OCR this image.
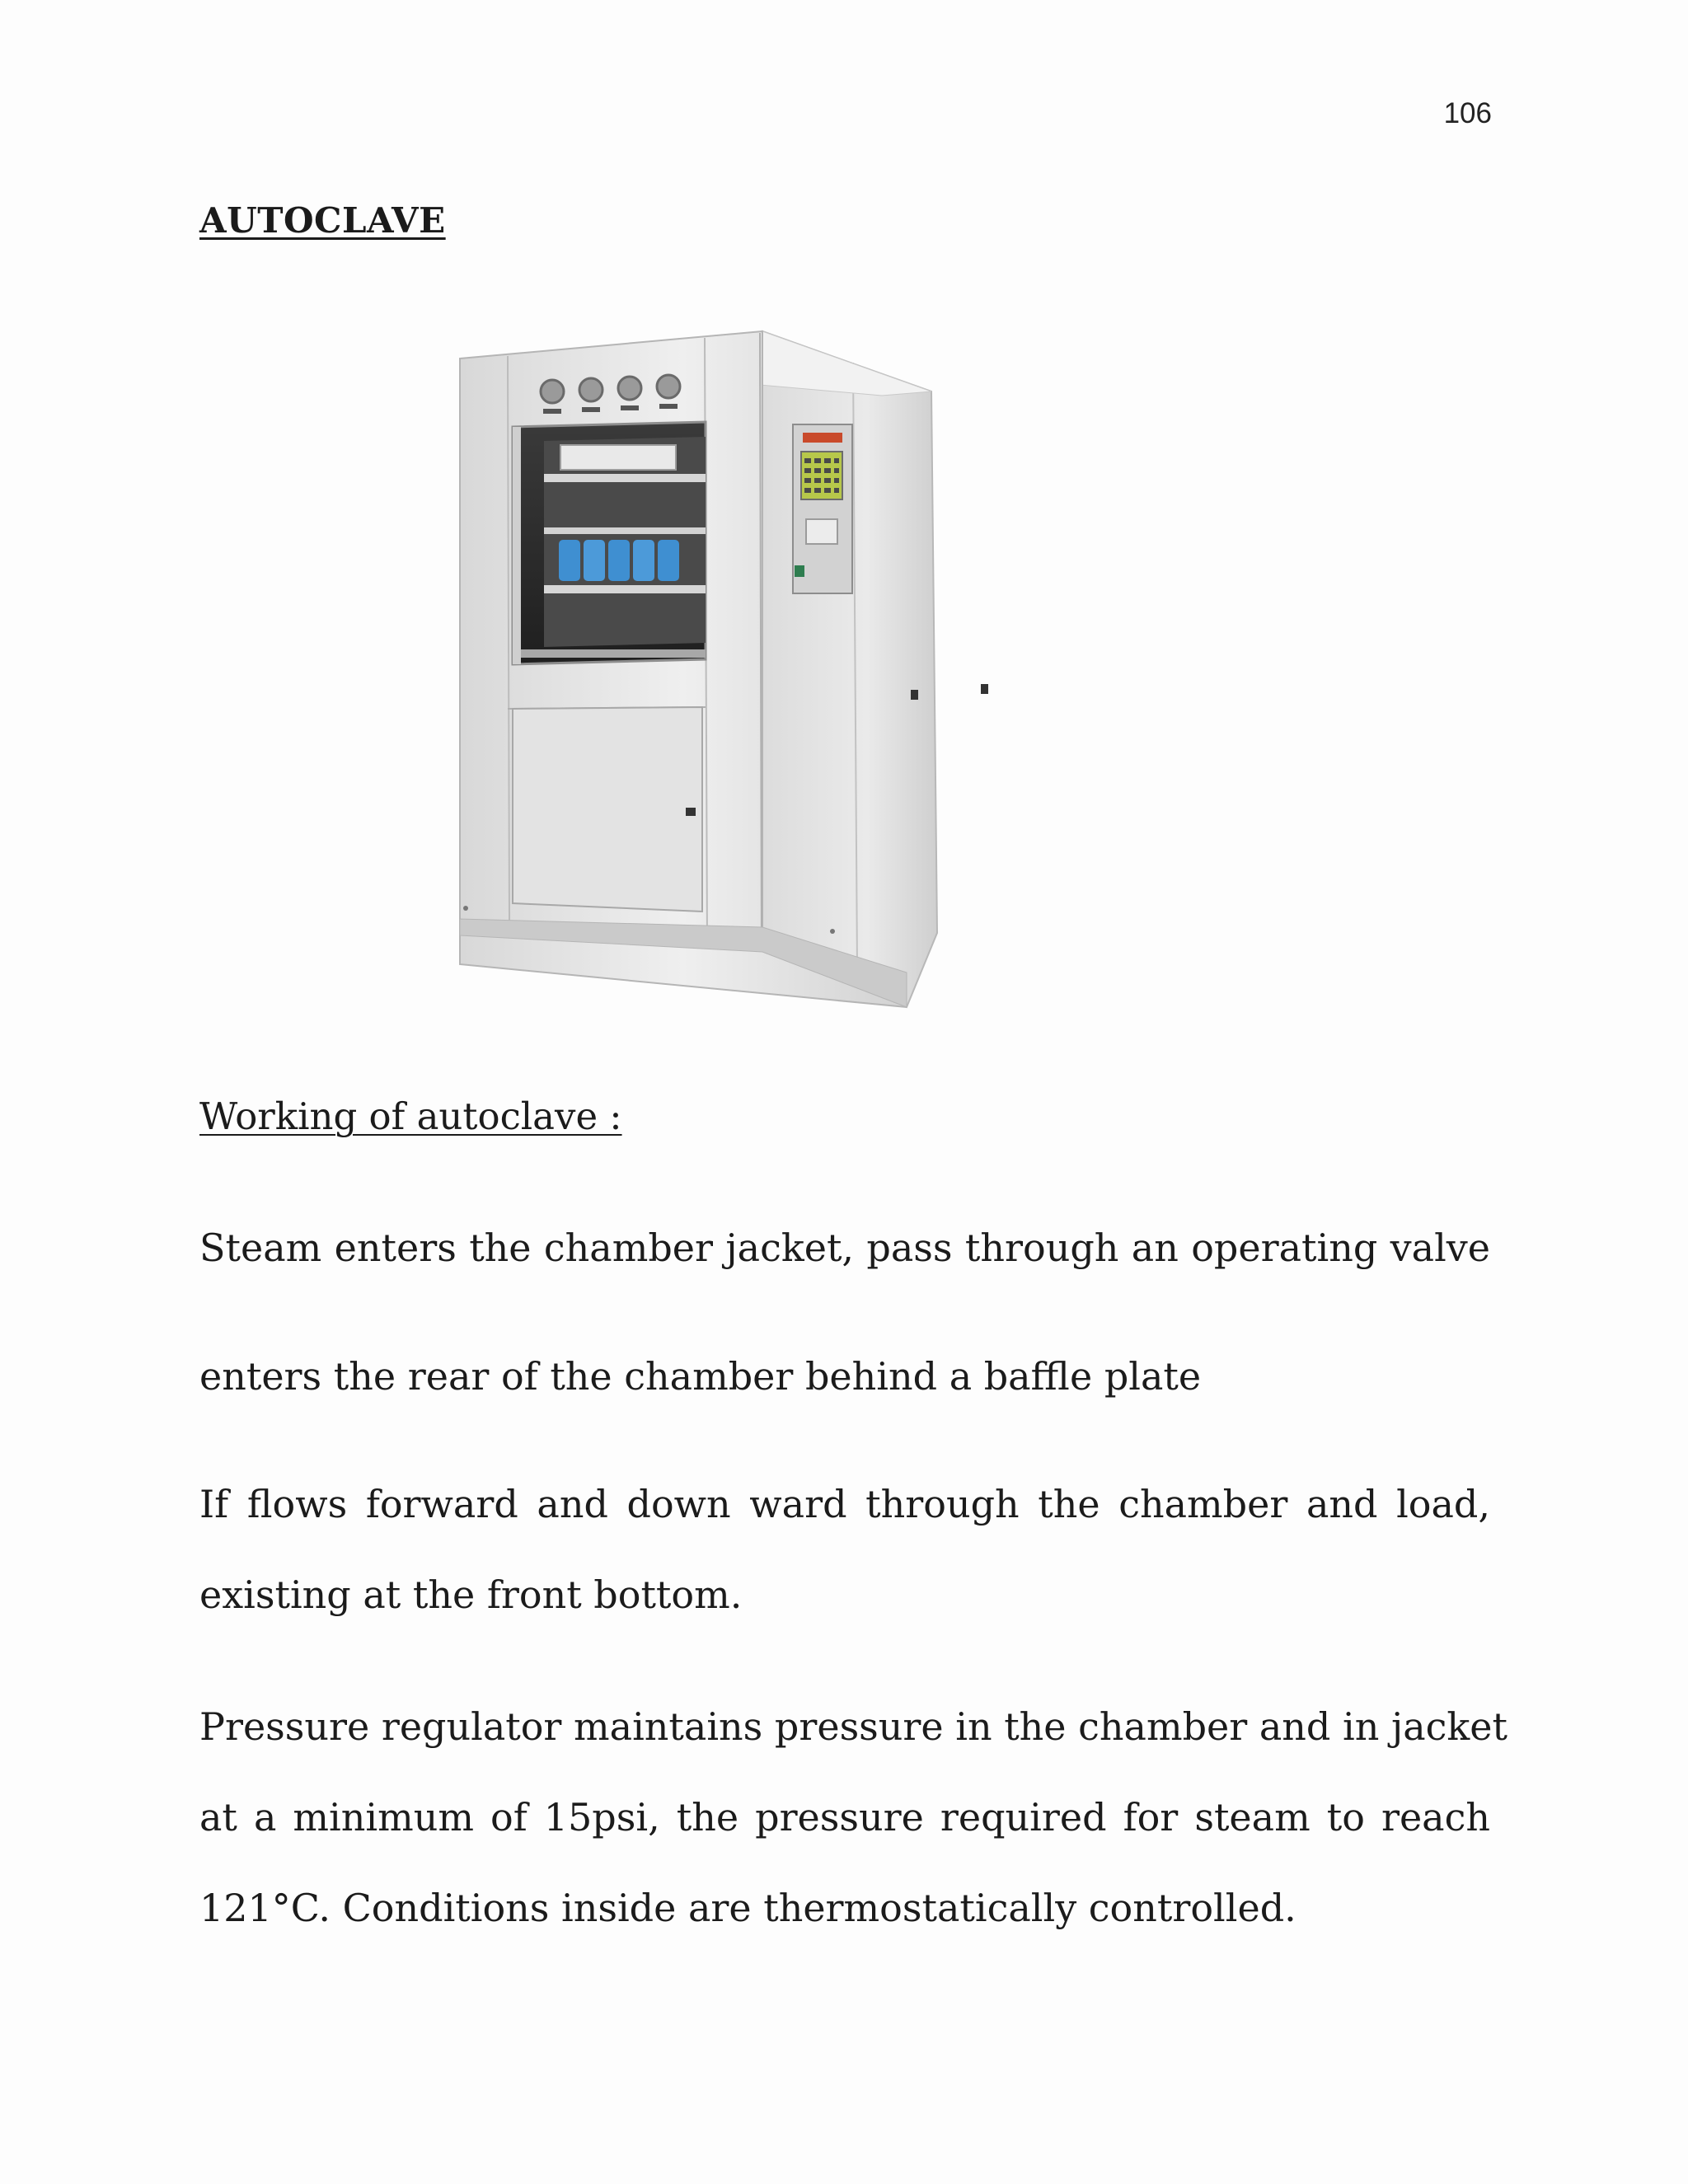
106
AUTOCLAVE
Working of autoclave :

Steam enters the chamber jacket, pass through an operating valve

enters the rear of the chamber behind a baffle plate

If flows forward and down ward through the chamber and load,

existing at the front bottom.

Pressure regulator maintains pressure in the chamber and in jacket

at a minimum of 15psi, the pressure required for steam to reach

121°C. Conditions inside are thermostatically controlled.
